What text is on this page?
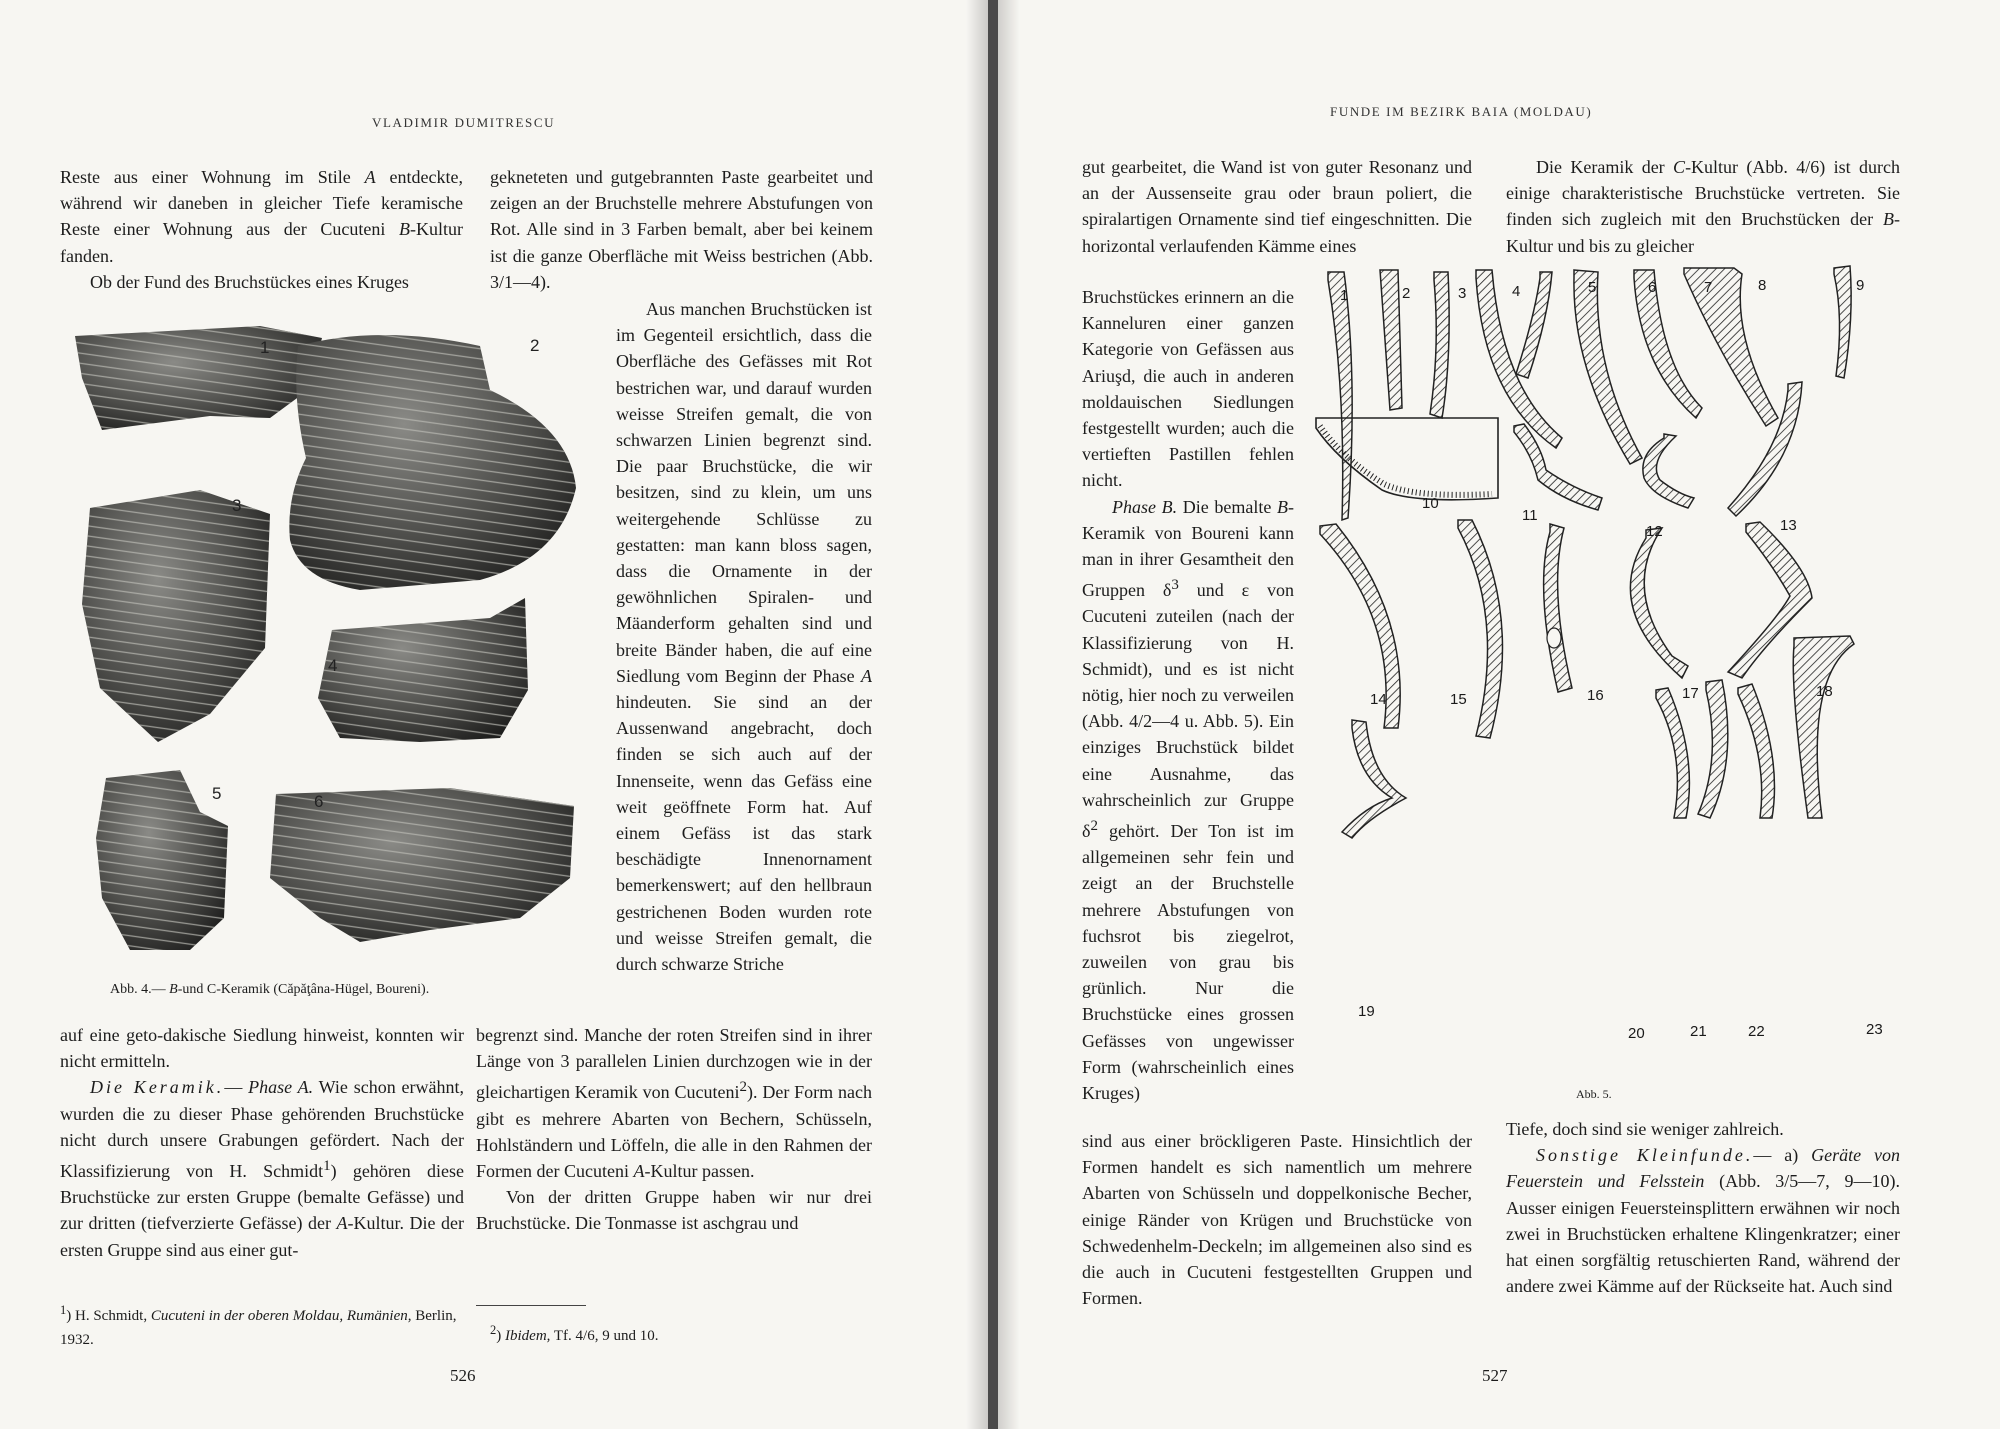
VLADIMIR DUMITRESCU

Reste aus einer Wohnung im Stile A entdeckte, während wir daneben in gleicher Tiefe keramische Reste einer Wohnung aus der Cucuteni B-Kultur fanden.

Ob der Fund des Bruchstückes eines Kruges

gekneteten und gutgebrannten Paste gearbeitet und zeigen an der Bruchstelle mehrere Abstufungen von Rot. Alle sind in 3 Farben bemalt, aber bei keinem ist die ganze Oberfläche mit Weiss bestrichen (Abb. 3/1—4).

Aus manchen Bruchstücken ist im Gegenteil ersichtlich, dass die Oberfläche des Gefässes mit Rot bestrichen war, und darauf wurden weisse Streifen gemalt, die von schwarzen Linien begrenzt sind. Die paar Bruchstücke, die wir besitzen, sind zu klein, um uns weitergehende Schlüsse zu gestatten: man kann bloss sagen, dass die Ornamente in der gewöhnlichen Spiralen- und Mäanderform gehalten sind und breite Bänder haben, die auf eine Siedlung vom Beginn der Phase A hindeuten. Sie sind an der Aussenwand angebracht, doch finden se sich auch auf der Innenseite, wenn das Gefäss eine weit geöffnete Form hat. Auf einem Gefäss ist das stark beschädigte Innenornament bemerkenswert; auf den hellbraun gestrichenen Boden wurden rote und weisse Streifen gemalt, die durch schwarze Striche

1	2
3
4
5	6
Abb. 4.— B-und C-Keramik (Căpăţâna-Hügel, Boureni).

auf eine geto-dakische Siedlung hinweist, konnten wir nicht ermitteln.

Die Keramik.— Phase A. Wie schon erwähnt, wurden die zu dieser Phase gehörenden Bruchstücke nicht durch unsere Grabungen gefördert. Nach der Klassifizierung von H. Schmidt$^1$) gehören diese Bruchstücke zur ersten Gruppe (bemalte Gefässe) und zur dritten (tiefverzierte Gefässe) der A-Kultur. Die der ersten Gruppe sind aus einer gut-

begrenzt sind. Manche der roten Streifen sind in ihrer Länge von 3 parallelen Linien durchzogen wie in der gleichartigen Keramik von Cucuteni$^2$). Der Form nach gibt es mehrere Abarten von Bechern, Schüsseln, Hohlständern und Löffeln, die alle in den Rahmen der Formen der Cucuteni A-Kultur passen.

Von der dritten Gruppe haben wir nur drei Bruchstücke. Die Tonmasse ist aschgrau und

$^1$) H. Schmidt, Cucuteni in der oberen Moldau, Rumänien, Berlin, 1932.
$^2$) Ibidem, Tf. 4/6, 9 und 10.
526
FUNDE IM BEZIRK BAIA (MOLDAU)

gut gearbeitet, die Wand ist von guter Resonanz und an der Aussenseite grau oder braun poliert, die spiralartigen Ornamente sind tief eingeschnitten. Die horizontal verlaufenden Kämme eines

Bruchstückes erinnern an die Kanneluren einer ganzen Kategorie von Gefässen aus Ariuşd, die auch in anderen moldauischen Siedlungen festgestellt wurden; auch die vertieften Pastillen fehlen nicht.

Phase B. Die bemalte B-Keramik von Boureni kann man in ihrer Gesamtheit den Gruppen $\delta^3$ und ε von Cucuteni zuteilen (nach der Klassifizierung von H. Schmidt), und es ist nicht nötig, hier noch zu verweilen (Abb. 4/2—4 u. Abb. 5). Ein einziges Bruchstück bildet eine Ausnahme, das wahrscheinlich zur Gruppe $\delta^2$ gehört. Der Ton ist im allgemeinen sehr fein und zeigt an der Bruchstelle mehrere Abstufungen von fuchsrot bis ziegelrot, zuweilen von grau bis grünlich. Nur die Bruchstücke eines grossen Gefässes von ungewisser Form (wahrscheinlich eines Kruges)

sind aus einer bröckligeren Paste. Hinsichtlich der Formen handelt es sich namentlich um mehrere Abarten von Schüsseln und doppelkonische Becher, einige Ränder von Krügen und Bruchstücke von Schwedenhelm-Deckeln; im allgemeinen also sind es die auch in Cucuteni festgestellten Gruppen und Formen.

Die Keramik der C-Kultur (Abb. 4/6) ist durch einige charakteristische Bruchstücke vertreten. Sie finden sich zugleich mit den Bruchstücken der B-Kultur und bis zu gleicher

Tiefe, doch sind sie weniger zahlreich.

Sonstige Kleinfunde.— a) Geräte von Feuerstein und Felsstein (Abb. 3/5—7, 9—10). Ausser einigen Feuersteinsplittern erwähnen wir noch zwei in Bruchstücken erhaltene Klingenkratzer; einer hat einen sorgfältig retuschierten Rand, während der andere zwei Kämme auf der Rückseite hat. Auch sind

1	2	3	4	5	6	7	8	9
10
11
12	13
14	15	16	17	18
19
20	21	22	23
Abb. 5.
527
